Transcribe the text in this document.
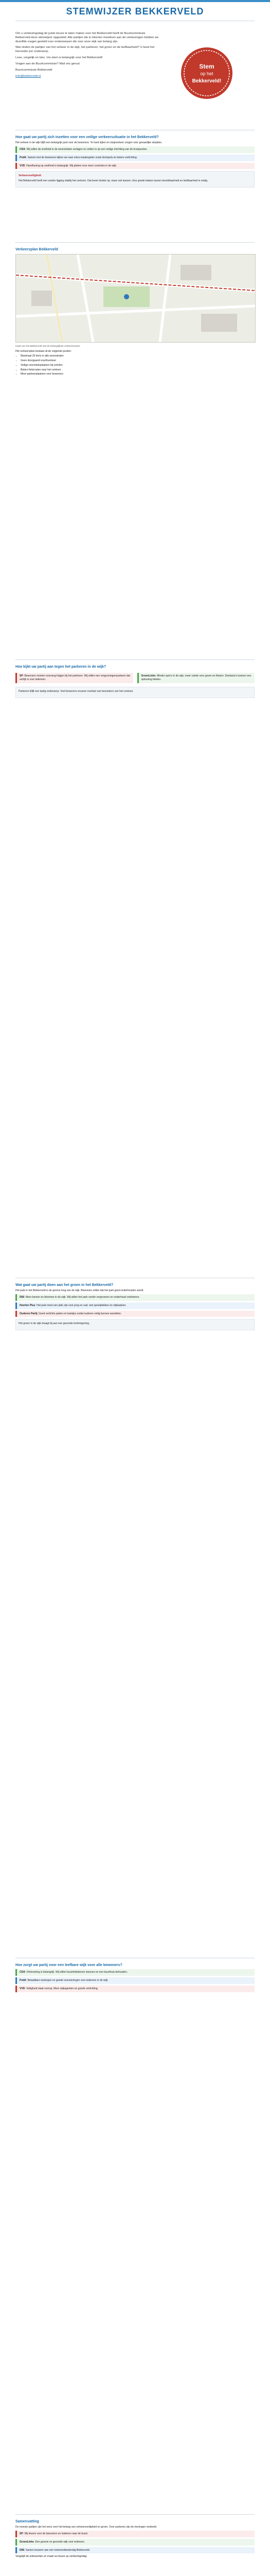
STEMWIJZER BEKKERVELD

Om u verkiezingsdag de juiste keuze te laten maken voor het Bekkerveld heeft de Buurtcommissie Bekkerveld deze stemwijzer opgesteld. Alle partijen die in Heerlen meedoen aan de verkiezingen hebben we dezelfde vragen gesteld over onderwerpen die voor onze wijk van belang zijn.

Wat vinden de partijen van het verkeer in de wijk, het parkeren, het groen en de leefbaarheid? U leest het hieronder per onderwerp.

Lees, vergelijk en kies. Uw stem is belangrijk voor het Bekkerveld!

Vragen aan de Buurtcommissie? Mail ons gerust.

Buurtcommissie Bekkerveld

info@bekkerveld.nl

Stem
op het
Bekkerveld!
Hoe gaat uw partij zich inzetten voor een veilige verkeerssituatie in het Bekkerveld?

Het verkeer in de wijk blijft een belangrijk punt voor de bewoners. Te hard rijden en sluipverkeer zorgen voor gevaarlijke situaties.

CDA: Wij willen de snelheid in de woonstraten verlagen en zetten in op een veilige inrichting van de kruispunten.
PvdA: Samen met de bewoners kijken we naar extra maatregelen zoals drempels en betere verlichting.
VVD: Handhaving op snelheid is belangrijk. Wij pleiten voor meer controles in de wijk.
Verkeersveiligheid

Het Bekkerveld heeft een unieke ligging vlakbij het centrum. Dat levert drukte op, maar ook kansen. Een goede balans tussen bereikbaarheid en leefbaarheid is nodig.

Verkeersplan Bekkerveld
Kaart van het Bekkerveld met de belangrijkste verkeersroutes.

Het verkeersplan bestaat uit de volgende punten:

• Maximaal 30 km/u in alle woonstraten
• Geen doorgaand vrachtverkeer
• Veilige oversteekplaatsen bij scholen
• Betere fietsroutes naar het centrum
• Meer parkeerplaatsen voor bewoners
Hoe kijkt uw partij aan tegen het parkeren in de wijk?
SP: Bewoners moeten voorrang krijgen bij het parkeren. Wij willen een vergunningensysteem dat eerlijk is voor iedereen.
GroenLinks: Minder auto's in de wijk, meer ruimte voor groen en fietsen. Deelauto's kunnen een oplossing bieden.

Parkeren blijft een lastig onderwerp. Veel bewoners ervaren overlast van bezoekers van het centrum.

Wat gaat uw partij doen aan het groen in het Bekkerveld?

Het park in het Bekkerveld is de groene long van de wijk. Bewoners willen dat het park goed onderhouden wordt.

D66: Meer bomen en bloemen in de wijk. Wij willen het park verder vergroenen en onderhoud verbeteren.
Heerlen Plus: Het park moet een plek zijn voor jong en oud, met speelplekken en zitplaatsen.
Ouderen Partij: Goed verlichte paden en bankjes zodat ouderen veilig kunnen wandelen.

Het groen in de wijk draagt bij aan een gezonde leefomgeving.

Hoe zorgt uw partij voor een leefbare wijk voor alle bewoners?
CDA: Ontmoeting is belangrijk. Wij willen buurtinitiatieven steunen en een buurthuis behouden.
PvdA: Betaalbare woningen en goede voorzieningen voor iedereen in de wijk.
VVD: Veiligheid staat voorop. Meer wijkagenten en goede verlichting.
Samenvatting

De meeste partijen zijn het eens over het belang van verkeersveiligheid en groen. Over parkeren zijn de meningen verdeeld.

SP: Wij kiezen voor de bewoners en luisteren naar de buurt.
GroenLinks: Een groene en gezonde wijk voor iedereen.
D66: Samen bouwen aan een toekomstbestendig Bekkerveld.

Vergelijk de antwoorden en maak uw keuze op verkiezingsdag.
